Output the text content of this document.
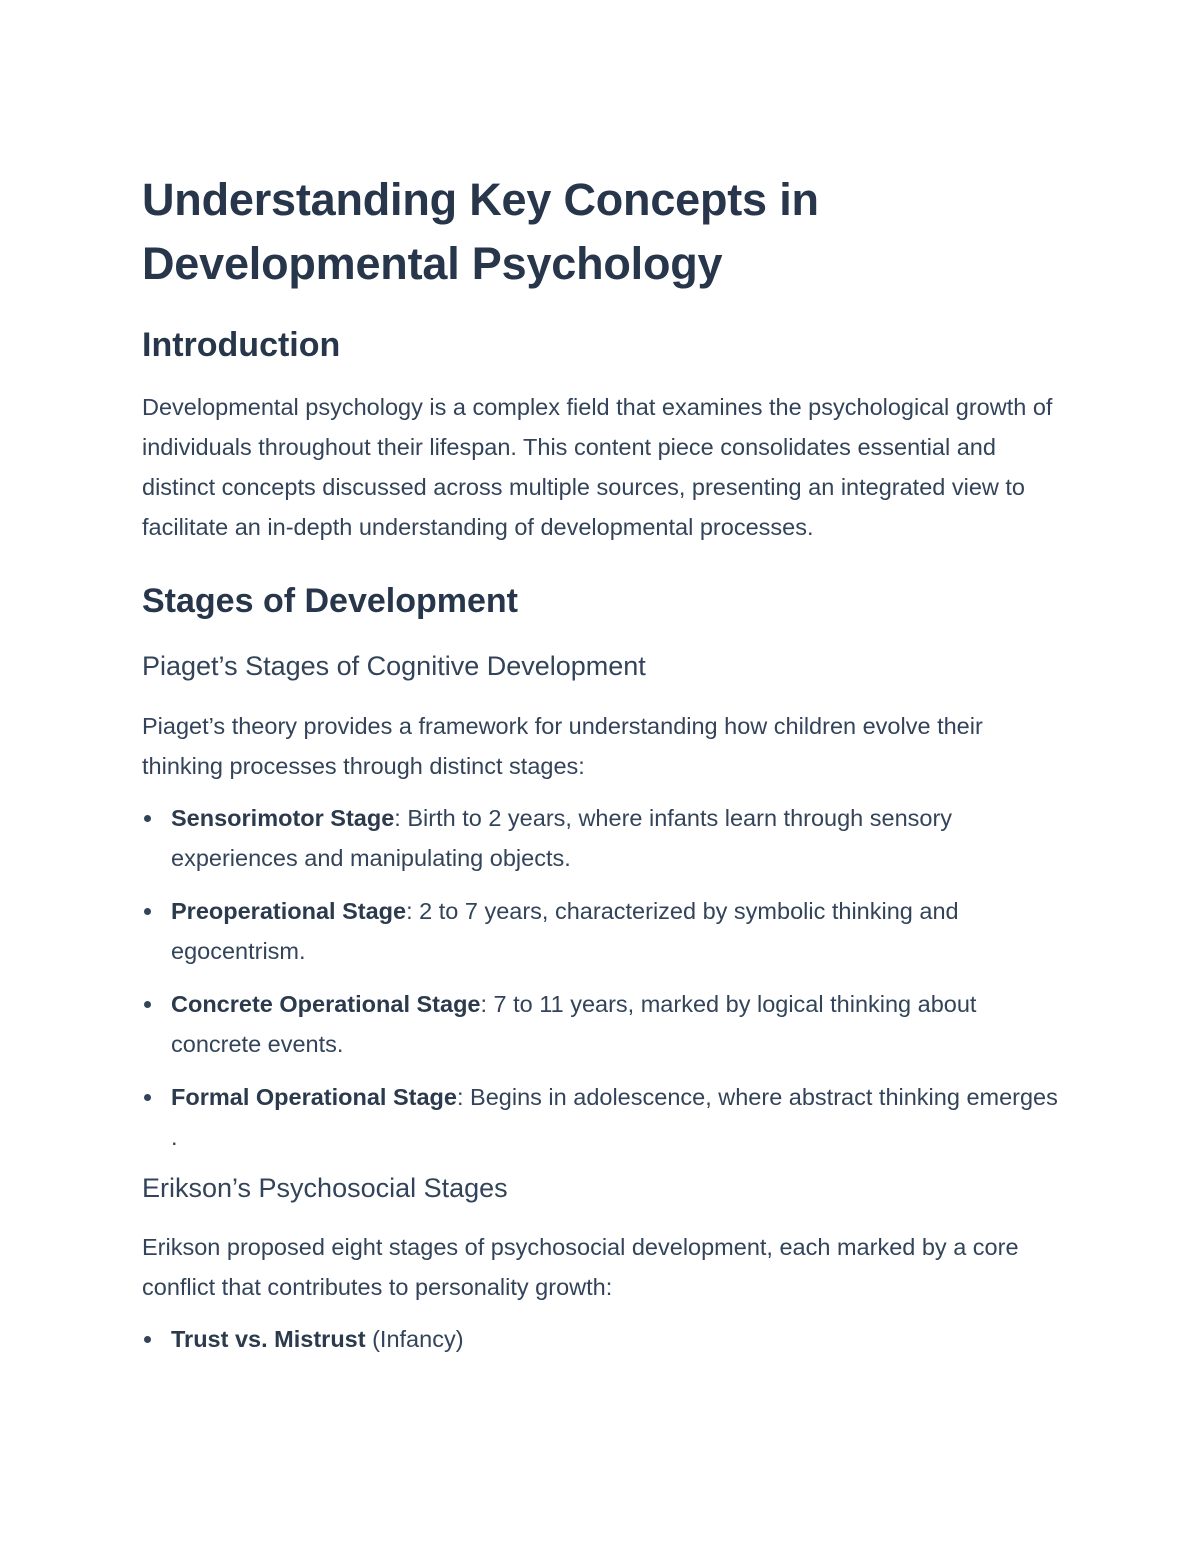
Understanding Key Concepts in Developmental Psychology
Introduction

Developmental psychology is a complex field that examines the psychological growth of individuals throughout their lifespan. This content piece consolidates essential and distinct concepts discussed across multiple sources, presenting an integrated view to facilitate an in-depth understanding of developmental processes.

Stages of Development
Piaget’s Stages of Cognitive Development

Piaget’s theory provides a framework for understanding how children evolve their thinking processes through distinct stages:

Sensorimotor Stage: Birth to 2 years, where infants learn through sensory experiences and manipulating objects.
Preoperational Stage: 2 to 7 years, characterized by symbolic thinking and egocentrism.
Concrete Operational Stage: 7 to 11 years, marked by logical thinking about concrete events.
Formal Operational Stage: Begins in adolescence, where abstract thinking emerges .
Erikson’s Psychosocial Stages

Erikson proposed eight stages of psychosocial development, each marked by a core conflict that contributes to personality growth:

Trust vs. Mistrust (Infancy)
